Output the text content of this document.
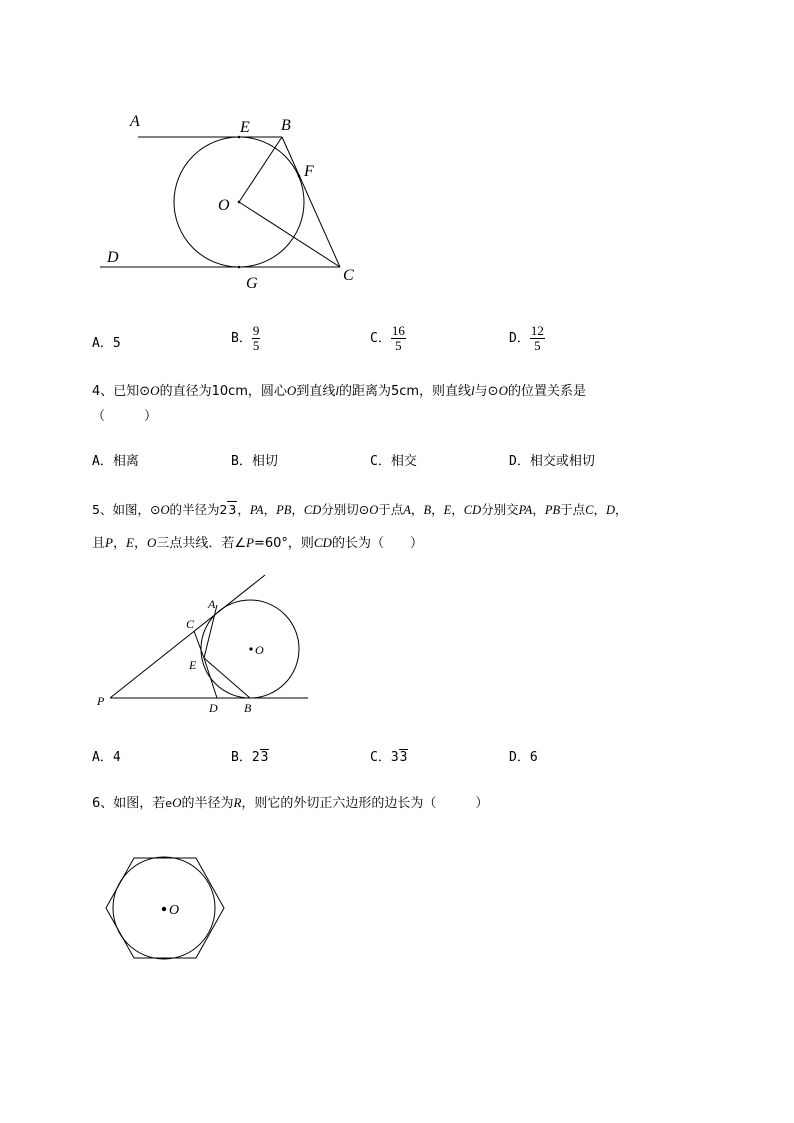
A	E B
F
O
D
G	C
A．5	B． $\frac{9}{5}$	C． $\frac{16}{5}$	D． $\frac{12}{5}$
4、已知⊙O的直径为10cm，圆心O到直线l的距离为5cm，则直线l与⊙O的位置关系是
（　　　）
A．相离	B．相切	C．相交	D．相交或相切
5、如图，⊙O的半径为23，PA，PB，CD分别切⊙O于点A，B，E，CD分别交PA，PB于点C，D，
且P，E，O三点共线．若∠P=60°，则CD的长为（　　）
A
C
E
O
P	D B
A．4	B．23	C．33	D．6
6、如图，若eO的半径为R，则它的外切正六边形的边长为（　　　）
O
